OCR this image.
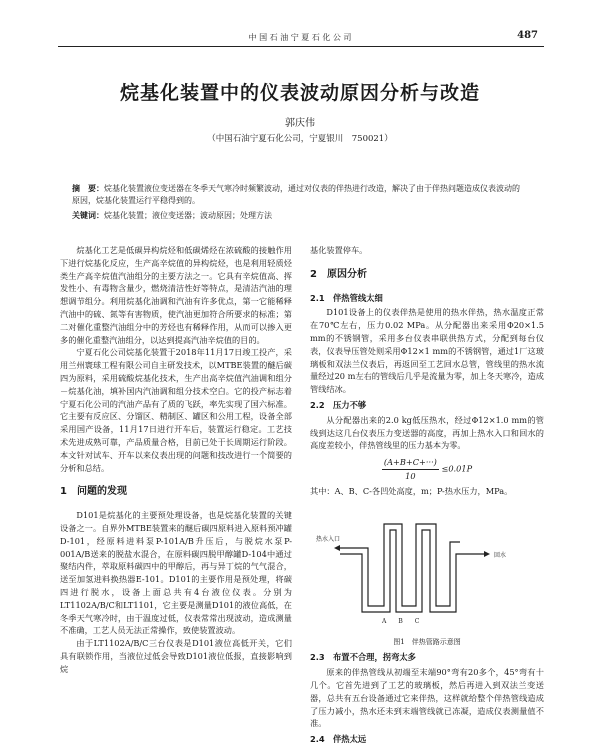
中 国 石 油 宁 夏 石 化 公 司	487
烷基化装置中的仪表波动原因分析与改造
郭庆伟
（中国石油宁夏石化公司，宁夏银川　750021）
摘　要：烷基化装置液位变送器在冬季天气寒冷时频繁波动，通过对仪表的伴热进行改造，解决了由于伴热问题造成仪表波动的原因，烷基化装置运行平稳得到的。
关键词：烷基化装置；液位变送器；波动原因；处理方法

烷基化工艺是低碳异构烷烃和低碳烯烃在浓硫酸的接触作用下进行烷基化反应，生产高辛烷值的异构烷烃，也是利用轻质烃类生产高辛烷值汽油组分的主要方法之一。它具有辛烷值高、挥发性小、有毒物含量少，燃烧清洁性好等特点，是清洁汽油的理想调节组分。利用烷基化油调和汽油有许多优点，第一它能稀释汽油中的硫、氮等有害物质，使汽油更加符合所要求的标准；第二对催化重整汽油组分中的芳烃也有稀释作用，从而可以掺入更多的催化重整汽油组分，以达到提高汽油辛烷值的目的。

宁夏石化公司烷基化装置于2018年11月17日竣工投产，采用兰州寰球工程有限公司自主研发技术，以MTBE装置的醚后碳四为原料，采用硫酸烷基化技术，生产出高辛烷值汽油调和组分－烷基化油，填补国内汽油调和组分技术空白。它的投产标志着宁夏石化公司的汽油产品有了质的飞跃，率先实现了国六标准。它主要有反应区、分馏区、精制区、罐区和公用工程，设备全部采用国产设备，11月17日进行开车后，装置运行稳定。工艺技术先进成熟可靠，产品质量合格，目前已处于长周期运行阶段。本文针对试车、开车以来仪表出现的问题和技改进行一个简要的分析和总结。

1　问题的发现

D101是烷基化的主要预处理设备，也是烷基化装置的关键设备之一。自界外MTBE装置来的醚后碳四原料进入原料预冲罐D-101，经原料进料泵P-101A/B升压后，与脱烷水泵P-001A/B送来的脱盐水混合，在原料碳四脱甲醇罐D-104中通过聚结内件，萃取原料碳四中的甲醇后，再与异丁烷的气气混合，送至加氢进料换热器E-101。D101的主要作用是预处理，将碳四进行脱水，设备上面总共有4台液位仪表。分别为LT1102A/B/C和LT1101，它主要是测量D101的液位高低，在冬季天气寒冷时，由于温度过低，仪表常常出现波动，造成测量不准确，工艺人员无法正常操作，致使装置波动。

由于LT1102A/B/C三台仪表是D101液位高低开关，它们具有联锁作用，当液位过低会导致D101液位低报，直接影响到烷

基化装置停车。
2　原因分析
2.1　伴热管线太细

D101设备上的仪表伴热是使用的热水伴热，热水温度正常在70℃左右，压力0.02 MPa。从分配器出来采用Φ20×1.5 mm的不锈钢管，采用多台仪表串联供热方式，分配到每台仪表，仪表导压管处则采用Φ12×1 mm的不锈钢管，通过1厂这玻璃板和双法兰仪表后，再返回至工艺回水总管，管线里的热水流量经过20 m左右的管线后几乎是流量为零，加上冬天寒冷，造成管线结冰。

2.2　压力不够

从分配器出来的2.0 kg低压热水，经过Φ12×1.0 mm的管线到达这几台仪表压力变送器的高度，再加上热水入口和回水的高度差较小，伴热管线里的压力基本为零。

$\frac{(A+B+C+\cdot\cdot\cdot)}{10} \le 0.01P$
其中：A、B、C-各凹处高度，m；P-热水压力，MPa。
热水入口
回水
A　　B　　C
图1　伴热管路示意图
2.3　布置不合理，拐弯太多

原来的伴热管线从初端至末端90°弯有20多个，45°弯有十几个。它首先进到了工艺的玻璃板，然后再进入到双法兰变送器，总共有五台设备通过它来伴热，这样就给整个伴热管线造成了压力减小，热水还未到末端管线就已冻凝，造成仪表测量值不准。

2.4　伴热太远
